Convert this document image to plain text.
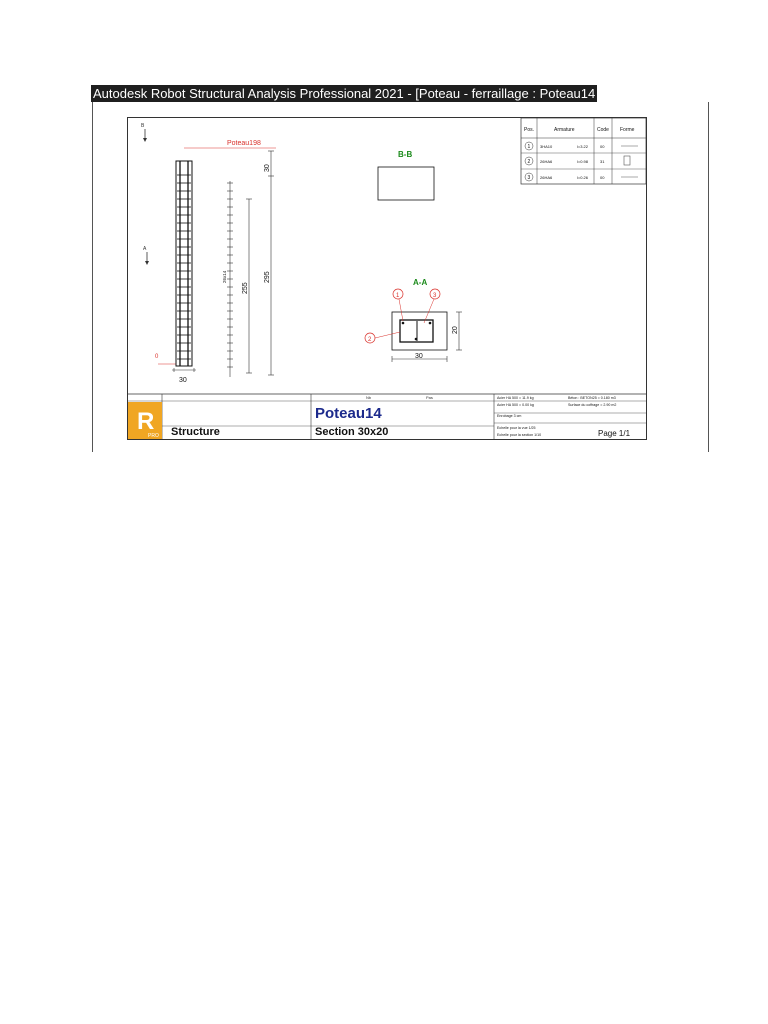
Autodesk Robot Structural Analysis Professional 2021 - [Poteau - ferraillage : Poteau14
B
A
0
Poteau198
30
26x14
255
30
295
B-B
A-A
1	3
2
30
20
Pos.	Armature	Code Forme
1 3HA10	l=3.22	00
2 26HA6	l=0.98	31
3 26HA6	l=0.26	00
R
PRO
Nb	Pas
Structure
Poteau14
Section 30x20
Acier HA 500 = 11.9 kg
Acier HA 500 = 0.00 kg
Enrobage 3 cm
Echelle pour la vue 1/25
Echelle pour la section 1/10
Béton : BETON25 = 0.180 m3
Surface du coffrage = 2.90 m2
Page 1/1
